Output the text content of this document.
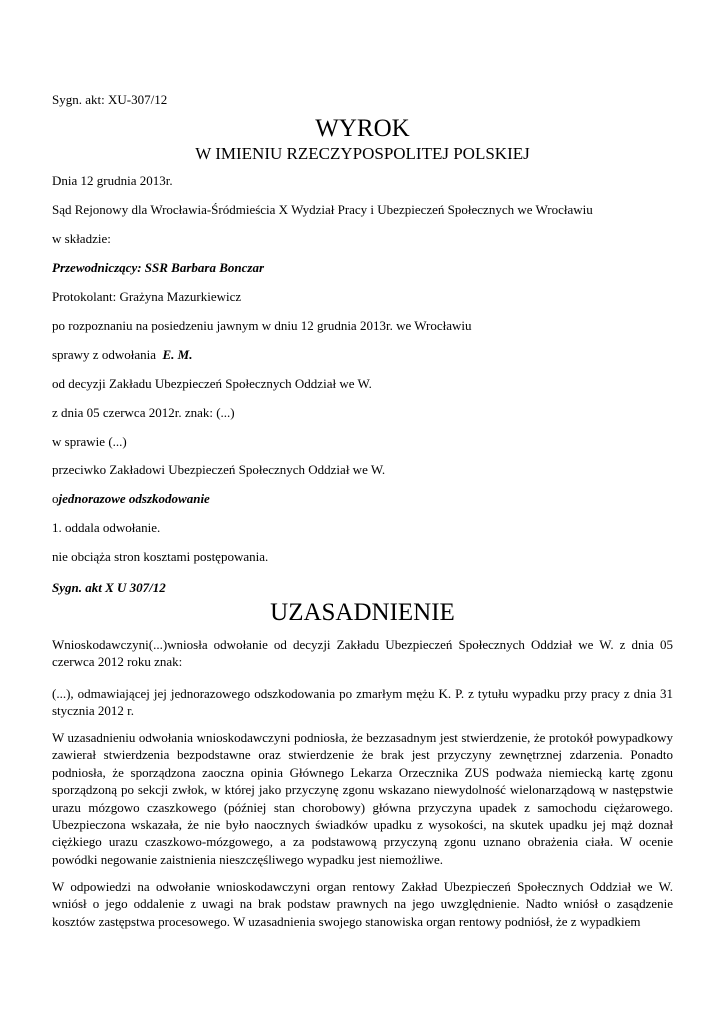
Sygn. akt: XU-307/12
WYROK
W IMIENIU RZECZYPOSPOLITEJ POLSKIEJ
Dnia 12 grudnia 2013r.
Sąd Rejonowy dla Wrocławia-Śródmieścia X Wydział Pracy i Ubezpieczeń Społecznych we Wrocławiu
w składzie:
Przewodniczący: SSR Barbara Bonczar
Protokolant: Grażyna Mazurkiewicz
po rozpoznaniu na posiedzeniu jawnym w dniu 12 grudnia 2013r. we Wrocławiu
sprawy z odwołania E. M.
od decyzji Zakładu Ubezpieczeń Społecznych Oddział we W.
z dnia 05 czerwca 2012r. znak: (...)
w sprawie (...)
przeciwko Zakładowi Ubezpieczeń Społecznych Oddział we W.
ojednorazowe odszkodowanie
1. oddala odwołanie.
nie obciąża stron kosztami postępowania.
Sygn. akt X U 307/12
UZASADNIENIE

Wnioskodawczyni(...)wniosła odwołanie od decyzji Zakładu Ubezpieczeń Społecznych Oddział we W. z dnia 05 czerwca 2012 roku znak:

(...), odmawiającej jej jednorazowego odszkodowania po zmarłym mężu K. P. z tytułu wypadku przy pracy z dnia 31 stycznia 2012 r.

W uzasadnieniu odwołania wnioskodawczyni podniosła, że bezzasadnym jest stwierdzenie, że protokół powypadkowy zawierał stwierdzenia bezpodstawne oraz stwierdzenie że brak jest przyczyny zewnętrznej zdarzenia. Ponadto podniosła, że sporządzona zaoczna opinia Głównego Lekarza Orzecznika ZUS podważa niemiecką kartę zgonu sporządzoną po sekcji zwłok, w której jako przyczynę zgonu wskazano niewydolność wielonarządową w następstwie urazu mózgowo czaszkowego (później stan chorobowy) główna przyczyna upadek z samochodu ciężarowego. Ubezpieczona wskazała, że nie było naocznych świadków upadku z wysokości, na skutek upadku jej mąż doznał ciężkiego urazu czaszkowo-mózgowego, a za podstawową przyczyną zgonu uznano obrażenia ciała. W ocenie powódki negowanie zaistnienia nieszczęśliwego wypadku jest niemożliwe.

W odpowiedzi na odwołanie wnioskodawczyni organ rentowy Zakład Ubezpieczeń Społecznych Oddział we W. wniósł o jego oddalenie z uwagi na brak podstaw prawnych na jego uwzględnienie. Nadto wniósł o zasądzenie kosztów zastępstwa procesowego. W uzasadnienia swojego stanowiska organ rentowy podniósł, że z wypadkiem
